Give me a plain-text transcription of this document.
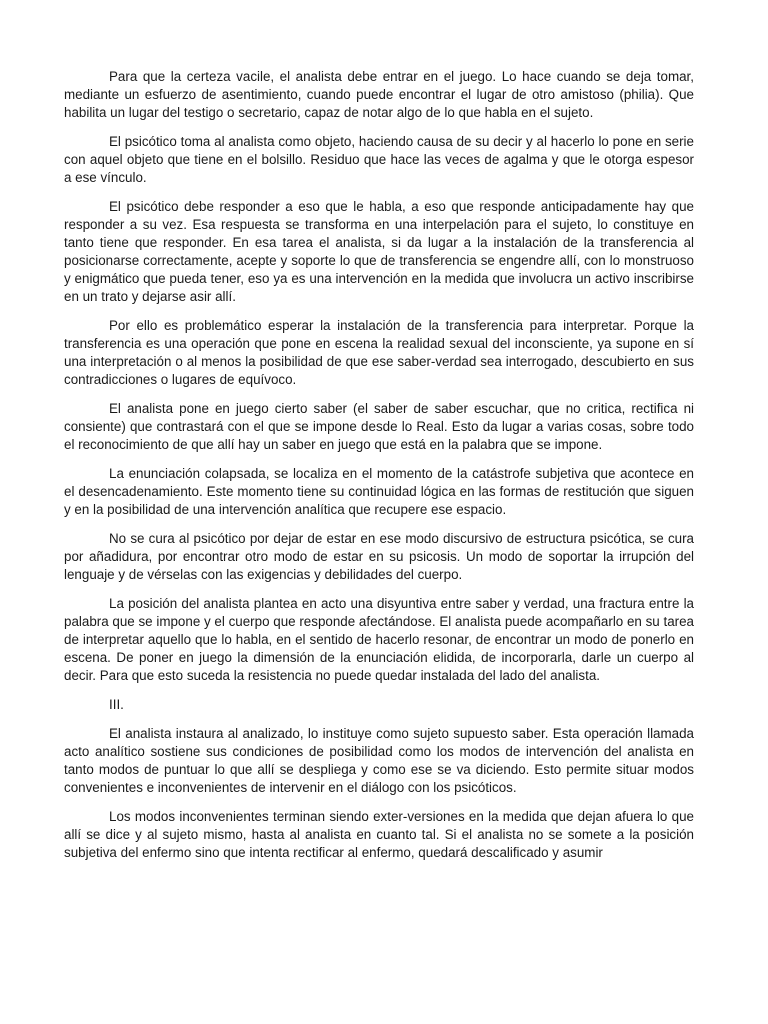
Para que la certeza vacile, el analista debe entrar en el juego. Lo hace cuando se deja tomar, mediante un esfuerzo de asentimiento, cuando puede encontrar el lugar de otro amistoso (philia). Que habilita un lugar del testigo o secretario, capaz de notar algo de lo que habla en el sujeto.

El psicótico toma al analista como objeto, haciendo causa de su decir y al hacerlo lo pone en serie con aquel objeto que tiene en el bolsillo. Residuo que hace las veces de agalma y que le otorga espesor a ese vínculo.

El psicótico debe responder a eso que le habla, a eso que responde anticipadamente hay que responder a su vez. Esa respuesta se transforma en una interpelación para el sujeto, lo constituye en tanto tiene que responder. En esa tarea el analista, si da lugar a la instalación de la transferencia al posicionarse correctamente, acepte y soporte lo que de transferencia se engendre allí, con lo monstruoso y enigmático que pueda tener, eso ya es una intervención en la medida que involucra un activo inscribirse en un trato y dejarse asir allí.

Por ello es problemático esperar la instalación de la transferencia para interpretar. Porque la transferencia es una operación que pone en escena la realidad sexual del inconsciente, ya supone en sí una interpretación o al menos la posibilidad de que ese saber-verdad sea interrogado, descubierto en sus contradicciones o lugares de equívoco.

El analista pone en juego cierto saber (el saber de saber escuchar, que no critica, rectifica ni consiente) que contrastará con el que se impone desde lo Real. Esto da lugar a varias cosas, sobre todo el reconocimiento de que allí hay un saber en juego que está en la palabra que se impone.

La enunciación colapsada, se localiza en el momento de la catástrofe subjetiva que acontece en el desencadenamiento. Este momento tiene su continuidad lógica en las formas de restitución que siguen y en la posibilidad de una intervención analítica que recupere ese espacio.

No se cura al psicótico por dejar de estar en ese modo discursivo de estructura psicótica, se cura por añadidura, por encontrar otro modo de estar en su psicosis. Un modo de soportar la irrupción del lenguaje y de vérselas con las exigencias y debilidades del cuerpo.

La posición del analista plantea en acto una disyuntiva entre saber y verdad, una fractura entre la palabra que se impone y el cuerpo que responde afectándose. El analista puede acompañarlo en su tarea de interpretar aquello que lo habla, en el sentido de hacerlo resonar, de encontrar un modo de ponerlo en escena. De poner en juego la dimensión de la enunciación elidida, de incorporarla, darle un cuerpo al decir. Para que esto suceda la resistencia no puede quedar instalada del lado del analista.

III.

El analista instaura al analizado, lo instituye como sujeto supuesto saber. Esta operación llamada acto analítico sostiene sus condiciones de posibilidad como los modos de intervención del analista en tanto modos de puntuar lo que allí se despliega y como ese se va diciendo. Esto permite situar modos convenientes e inconvenientes de intervenir en el diálogo con los psicóticos.

Los modos inconvenientes terminan siendo exter-versiones en la medida que dejan afuera lo que allí se dice y al sujeto mismo, hasta al analista en cuanto tal. Si el analista no se somete a la posición subjetiva del enfermo sino que intenta rectificar al enfermo, quedará descalificado y asumir
